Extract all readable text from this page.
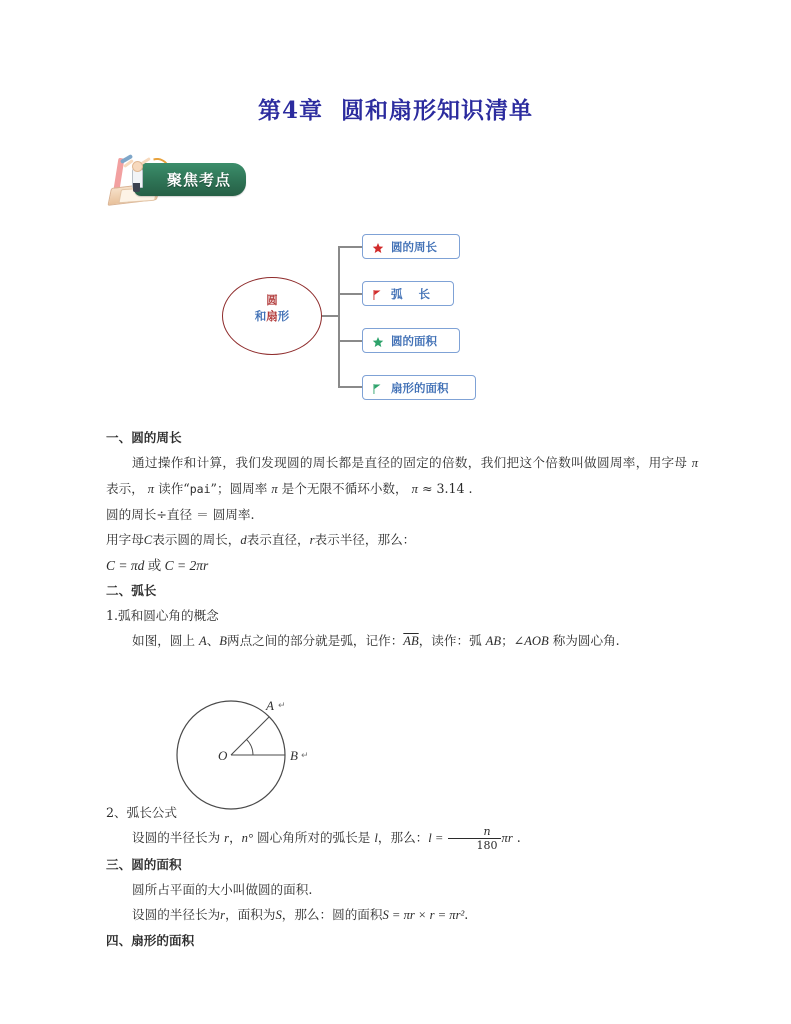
第4章  圆和扇形知识清单
聚焦考点
圆
和扇形
圆的周长
弧    长
圆的面积
扇形的面积
一、圆的周长
通过操作和计算，我们发现圆的周长都是直径的固定的倍数，我们把这个倍数叫做圆周率，用字母 π 表示， π 读作“pai”；圆周率 π 是个无限不循环小数， π ≈ 3.14 .
圆的周长÷直径 ＝ 圆周率.
用字母C表示圆的周长，d表示直径，r表示半径，那么：
C = πd 或 C = 2πr
二、弧长
1.弧和圆心角的概念
如图，圆上 A、B两点之间的部分就是弧，记作：$\overline{AB}$，读作：弧 AB；∠AOB 称为圆心角.
2、弧长公式
设圆的半径长为 r，n° 圆心角所对的弧长是 l，那么：$l = \frac{n}{180}$ πr .
三、圆的面积
圆所占平面的大小叫做圆的面积.
设圆的半径长为r，面积为S，那么：圆的面积S = πr × r = πr².
四、扇形的面积
O
A
B
↵
↵
